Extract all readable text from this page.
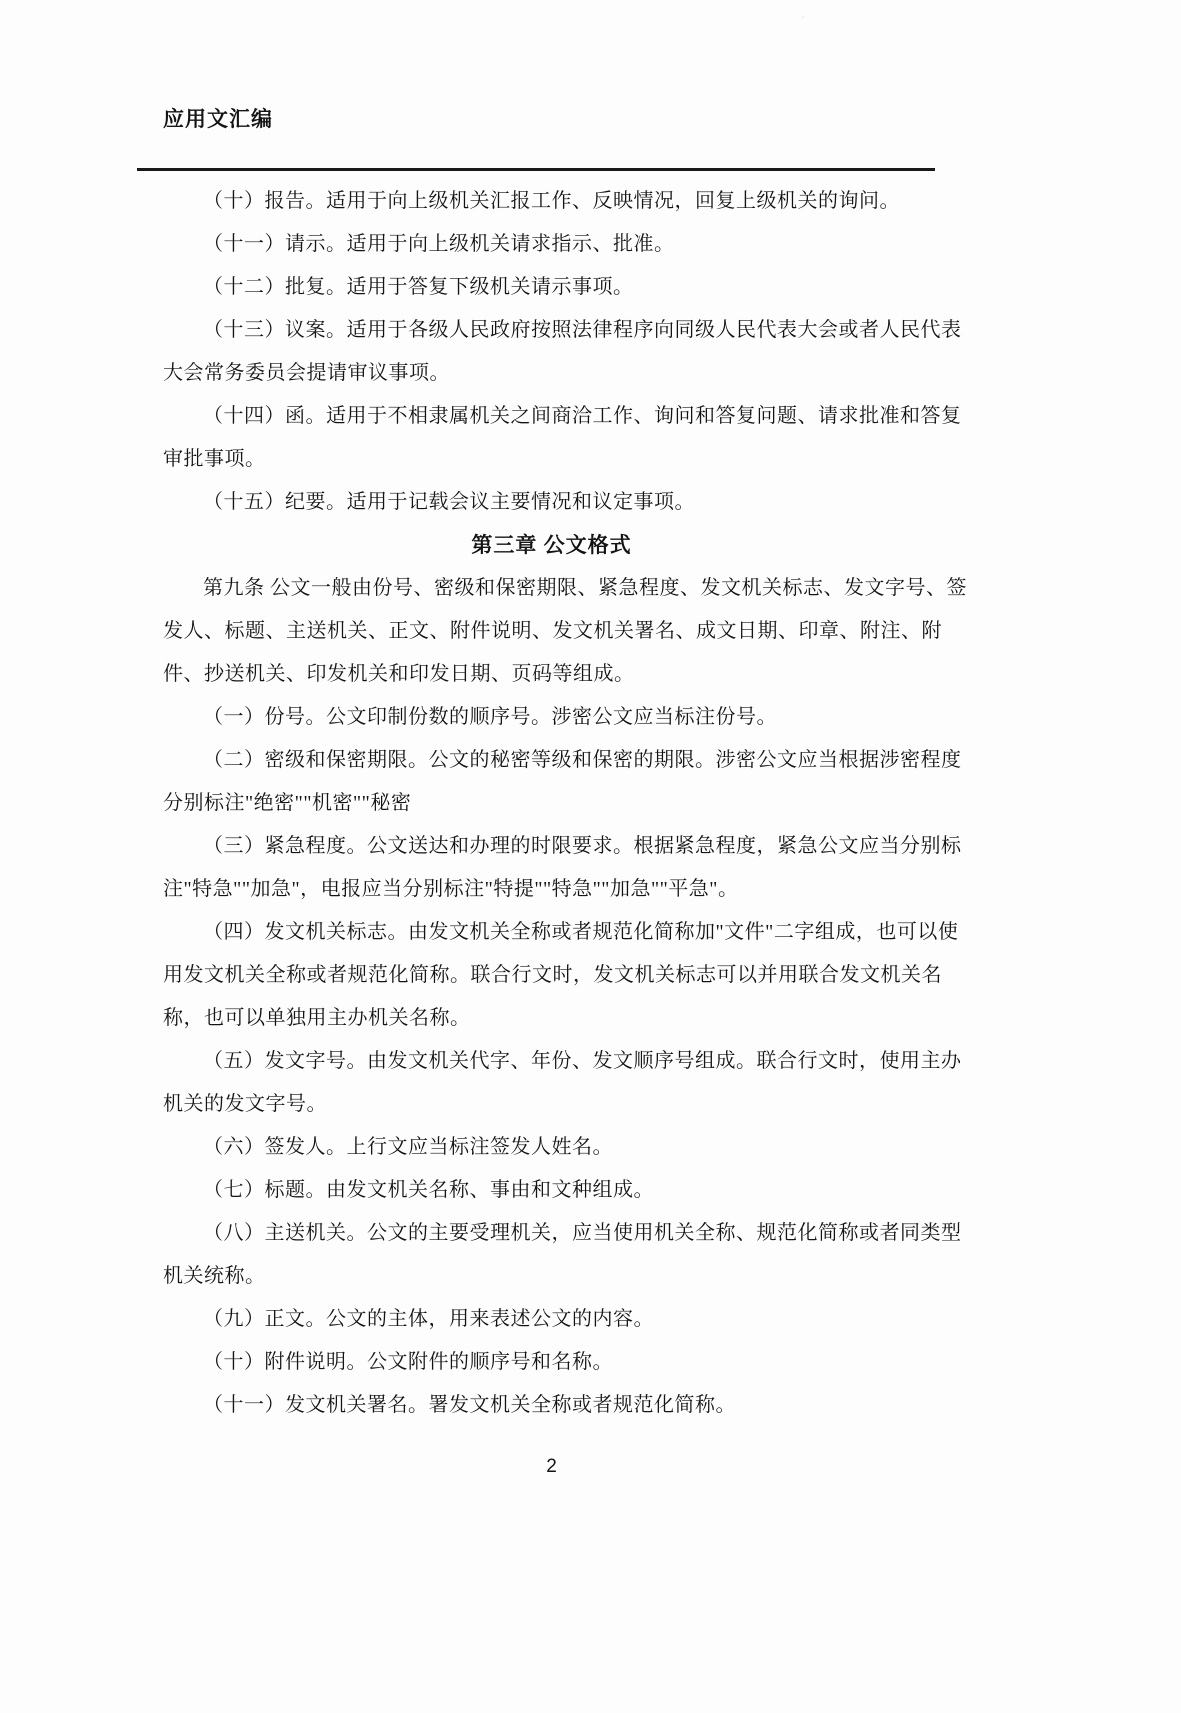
应用文汇编
（十）报告。适用于向上级机关汇报工作、反映情况，回复上级机关的询问。
（十一）请示。适用于向上级机关请求指示、批准。
（十二）批复。适用于答复下级机关请示事项。
（十三）议案。适用于各级人民政府按照法律程序向同级人民代表大会或者人民代表
大会常务委员会提请审议事项。
（十四）函。适用于不相隶属机关之间商洽工作、询问和答复问题、请求批准和答复
审批事项。
（十五）纪要。适用于记载会议主要情况和议定事项。
第三章 公文格式
第九条 公文一般由份号、密级和保密期限、紧急程度、发文机关标志、发文字号、签
发人、标题、主送机关、正文、附件说明、发文机关署名、成文日期、印章、附注、附
件、抄送机关、印发机关和印发日期、页码等组成。
（一）份号。公文印制份数的顺序号。涉密公文应当标注份号。
（二）密级和保密期限。公文的秘密等级和保密的期限。涉密公文应当根据涉密程度
分别标注"绝密""机密""秘密
（三）紧急程度。公文送达和办理的时限要求。根据紧急程度，紧急公文应当分别标
注"特急""加急"，电报应当分别标注"特提""特急""加急""平急"。
（四）发文机关标志。由发文机关全称或者规范化简称加"文件"二字组成，也可以使
用发文机关全称或者规范化简称。联合行文时，发文机关标志可以并用联合发文机关名
称，也可以单独用主办机关名称。
（五）发文字号。由发文机关代字、年份、发文顺序号组成。联合行文时，使用主办
机关的发文字号。
（六）签发人。上行文应当标注签发人姓名。
（七）标题。由发文机关名称、事由和文种组成。
（八）主送机关。公文的主要受理机关，应当使用机关全称、规范化简称或者同类型
机关统称。
（九）正文。公文的主体，用来表述公文的内容。
（十）附件说明。公文附件的顺序号和名称。
（十一）发文机关署名。署发文机关全称或者规范化简称。
2
